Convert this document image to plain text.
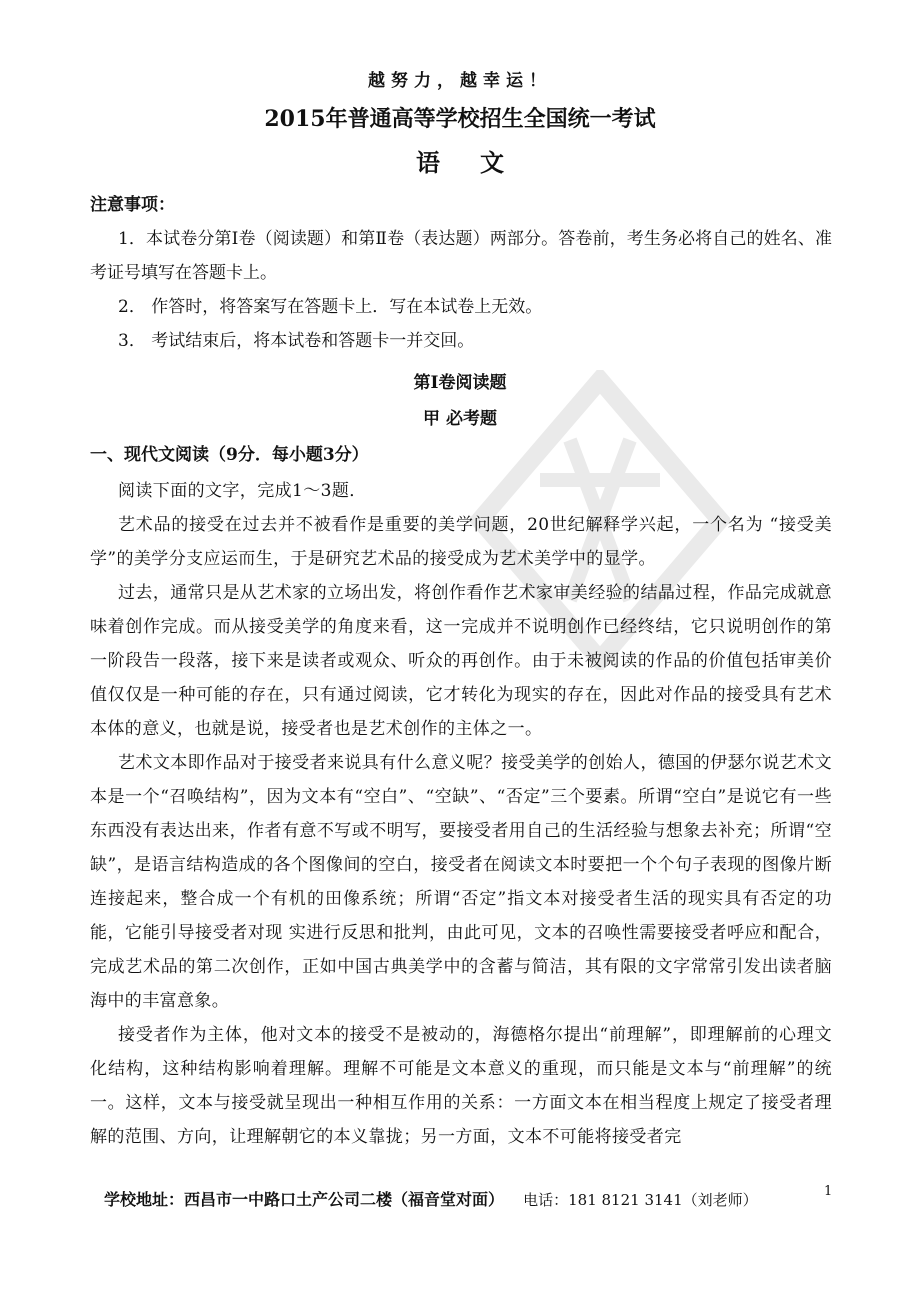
越努力，越幸运！
2015年普通高等学校招生全国统一考试
语文
注意事项：

1．本试卷分第Ⅰ卷（阅读题）和第Ⅱ卷（表达题）两部分。答卷前，考生务必将自己的姓名、准考证号填写在答题卡上。

2． 作答时，将答案写在答题卡上．写在本试卷上无效。

3． 考试结束后，将本试卷和答题卡一并交回。

第Ⅰ卷阅读题
甲 必考题
一、现代文阅读（9分．每小题3分）

阅读下面的文字，完成1～3题．

艺术品的接受在过去并不被看作是重要的美学问题，20世纪解释学兴起，一个名为 “接受美学”的美学分支应运而生，于是研究艺术品的接受成为艺术美学中的显学。

过去，通常只是从艺术家的立场出发，将创作看作艺术家审美经验的结晶过程，作品完成就意味着创作完成。而从接受美学的角度来看，这一完成并不说明创作已经终结，它只说明创作的第一阶段告一段落，接下来是读者或观众、听众的再创作。由于未被阅读的作品的价值包括审美价值仅仅是一种可能的存在，只有通过阅读，它才转化为现实的存在，因此对作品的接受具有艺术本体的意义，也就是说，接受者也是艺术创作的主体之一。

艺术文本即作品对于接受者来说具有什么意义呢？接受美学的创始人，德国的伊瑟尔说艺术文本是一个“召唤结构”，因为文本有“空白”、“空缺”、“否定”三个要素。所谓“空白”是说它有一些东西没有表达出来，作者有意不写或不明写，要接受者用自己的生活经验与想象去补充；所谓“空缺”，是语言结构造成的各个图像间的空白，接受者在阅读文本时要把一个个句子表现的图像片断连接起来，整合成一个有机的田像系统；所谓“否定”指文本对接受者生活的现实具有否定的功能，它能引导接受者对现 实进行反思和批判，由此可见，文本的召唤性需要接受者呼应和配合，完成艺术品的第二次创作，正如中国古典美学中的含蓄与简洁，其有限的文字常常引发出读者脑海中的丰富意象。

接受者作为主体，他对文本的接受不是被动的，海德格尔提出“前理解”，即理解前的心理文化结构，这种结构影响着理解。理解不可能是文本意义的重现，而只能是文本与“前理解”的统一。这样，文本与接受就呈现出一种相互作用的关系：一方面文本在相当程度上规定了接受者理解的范围、方向，让理解朝它的本义靠拢；另一方面，文本不可能将接受者完

学校地址：西昌市一中路口土产公司二楼（福音堂对面） 电话：181 8121 3141（刘老师）	1
